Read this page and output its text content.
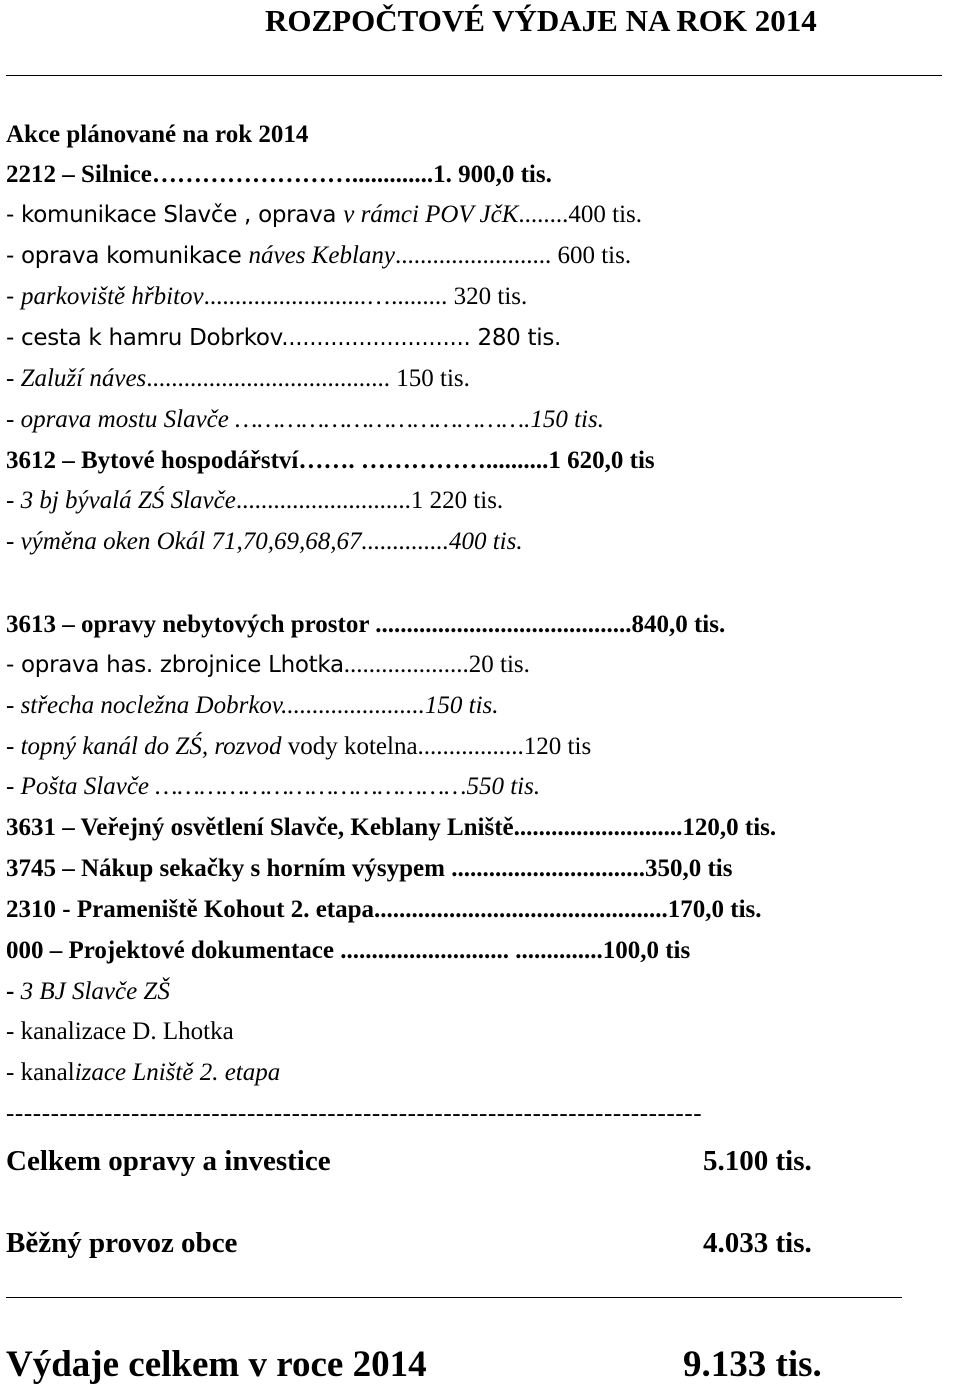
ROZPOČTOVÉ VÝDAJE NA ROK 2014
Akce plánované na rok 2014
2212 – Silnice…………………….............1. 900,0 tis.
- komunikace Slavče , oprava v rámci POV JčK........400 tis.
- oprava komunikace náves Keblany......................... 600 tis.
- parkoviště hřbitov..........................…......... 320 tis.
- cesta k hamru Dobrkov........................... 280 tis.
- Zaluží náves....................................... 150 tis.
- oprava mostu Slavče ………………………………….150 tis.
3612 – Bytové hospodářství……. ……………..........1 620,0 tis
- 3 bj bývalá ZŚ Slavče............................1 220 tis.
- výměna oken Okál 71,70,69,68,67..............400 tis.
3613 – opravy nebytových prostor .........................................840,0 tis.
- oprava has. zbrojnice Lhotka....................20 tis.
- střecha nocležna Dobrkov.......................150 tis.
- topný kanál do ZŚ, rozvod vody kotelna.................120 tis
- Pošta Slavče ……………………………………550 tis.
3631 – Veřejný osvětlení Slavče, Keblany Lniště...........................120,0 tis.
3745 – Nákup sekačky s horním výsypem ...............................350,0 tis
2310 - Prameniště Kohout 2. etapa...............................................170,0 tis.
000 – Projektové dokumentace ........................... ..............100,0 tis
- 3 BJ Slavče ZŠ
- kanalizace D. Lhotka
- kanalizace Lniště 2. etapa
------------------------------------------------------------------------------
Celkem opravy a investice	5.100 tis.
Běžný provoz obce	4.033 tis.
Výdaje celkem v roce 2014	9.133 tis.
